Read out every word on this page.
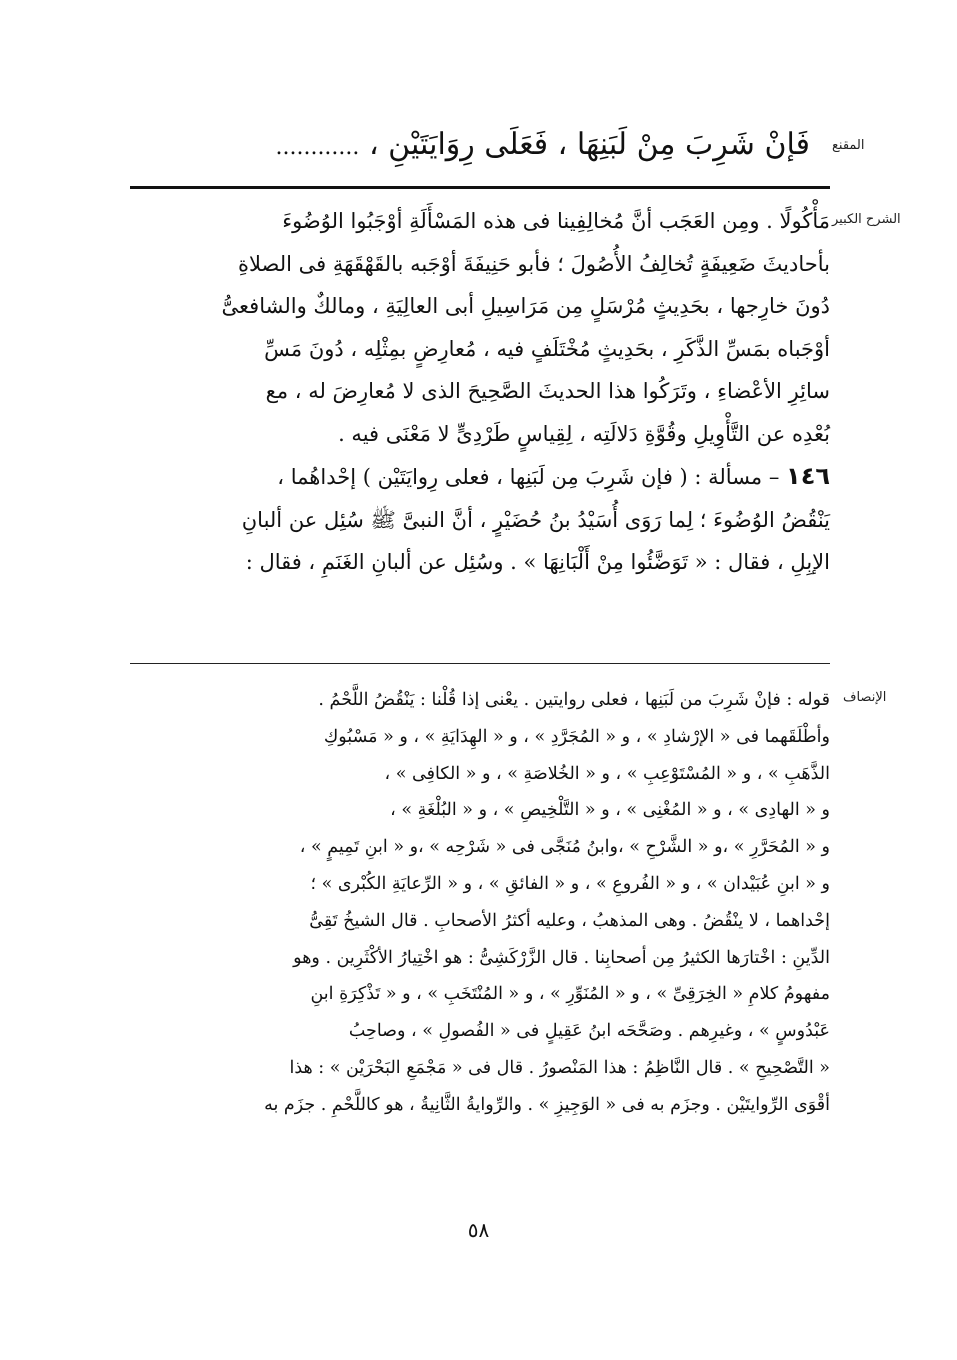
المقنع
الشرح الكبير
الإنصاف
فَإنْ شَرِبَ مِنْ لَبَنِهَا ، فَعَلَى رِوَايَتَيْنِ ، ............

مَأْكُولًا . ومِن العَجَب أنَّ مُخالِفِينا فى هذه المَسْأَلَةِ أوْجَبُوا الوُضُوءَ

بأحاديثَ ضَعِيفَةٍ تُخالِفُ الأُصُولَ ؛ فأبو حَنِيفَةَ أوْجَبه بالقَهْقَهَةِ فى الصلاةِ

دُونَ خارِجها ، بحَدِيثٍ مُرْسَلٍ مِن مَرَاسِيلِ أبى العالِيَةِ ، ومالكٌ والشافعىُّ

أوْجَباه بمَسِّ الذَّكَرِ ، بحَدِيثٍ مُخْتَلَفٍ فيه ، مُعارِضٍ بمِثْلِه ، دُونَ مَسِّ

سائِرِ الأعْضاءِ ، وتَرَكُوا هذا الحديثَ الصَّحِيحَ الذى لا مُعارِضَ له ، مع

بُعْدِه عن التَّأْوِيلِ وقُوَّةِ دَلالَتِه ، لِقِياسٍ طَرْدِىٍّ لا مَعْنَى فيه .

١٤٦ – مسألة : ( فإن شَرِبَ مِن لَبَنِها ، فعلى رِوايَتَيْن ) إحْداهُما ،

يَنْقُضُ الوُضُوءَ ؛ لِما رَوَى أُسَيْدُ بنُ حُضَيْرٍ ، أنَّ النبىَّ ﷺ سُئِل عن ألبانِ

الإبِلِ ، فقال : « تَوَضَّئُوا مِنْ أَلْبَانِهَا » . وسُئِل عن ألبانِ الغَنَمِ ، فقال :

قوله : فإنْ شَرِبَ من لَبَنِها ، فعلى روايتين . يعْنى إذا قُلْنا : يَنْقُضُ اللَّحْمُ .

وأطْلَقَهما فى « الإرْشادِ » ، و « المُجَرَّدِ » ، و « الهِدَايَةِ » ، و « مَسْبُوكِ

الذَّهَبِ » ، و « المُسْتَوْعِبِ » ، و « الخُلاصَةِ » ، و « الكافِى » ،

و « الهادِى » ، و « المُغْنِى » ، و « التَّلْخِيصِ » ، و « البُلْغَةِ » ،

و « المُحَرَّرِ » ،و « الشَّرْحِ » ،وابنُ مُنَجَّى فى « شَرْحِه » ،و « ابنِ تَمِيمٍ » ،

و « ابنِ عُبَيْدان » ، و « الفُروعِ » ، و « الفائقِ » ، و « الرِّعايَةِ الكُبْرى » ؛

إحْداهما ، لا ينْقُضُ . وهى المذهبُ ، وعليه أكثرُ الأصحابِ . قال الشيخُ تَقِىُّ

الدِّينِ : اخْتارَها الكثيرُ مِن أصحابِنا . قال الزَّرْكَشِىُّ : هو اخْتِيارُ الأكْثَرِين . وهو

مفهومُ كلامِ « الخِرَقِىِّ » ، و « المُنَوِّرِ » ، و « المُنْتَخَبِ » ، و « تَذْكِرَةِ ابنِ

عَبْدُوسٍ » ، وغيرِهم . وصَحَّحَه ابنُ عَقِيلٍ فى « الفُصولِ » ، وصاحِبُ

« التَّصْحِيحِ » . قال النَّاظِمُ : هذا المَنْصورُ . قال فى « مَجْمَعِ البَحْرَيْن » : هذا

أقْوَى الرِّوايتَيْن . وجزَم به فى « الوَجِيزِ » . والرِّوايةُ الثَّانِيةُ ، هو كاللَّحْمِ . جزَم به

٥٨
